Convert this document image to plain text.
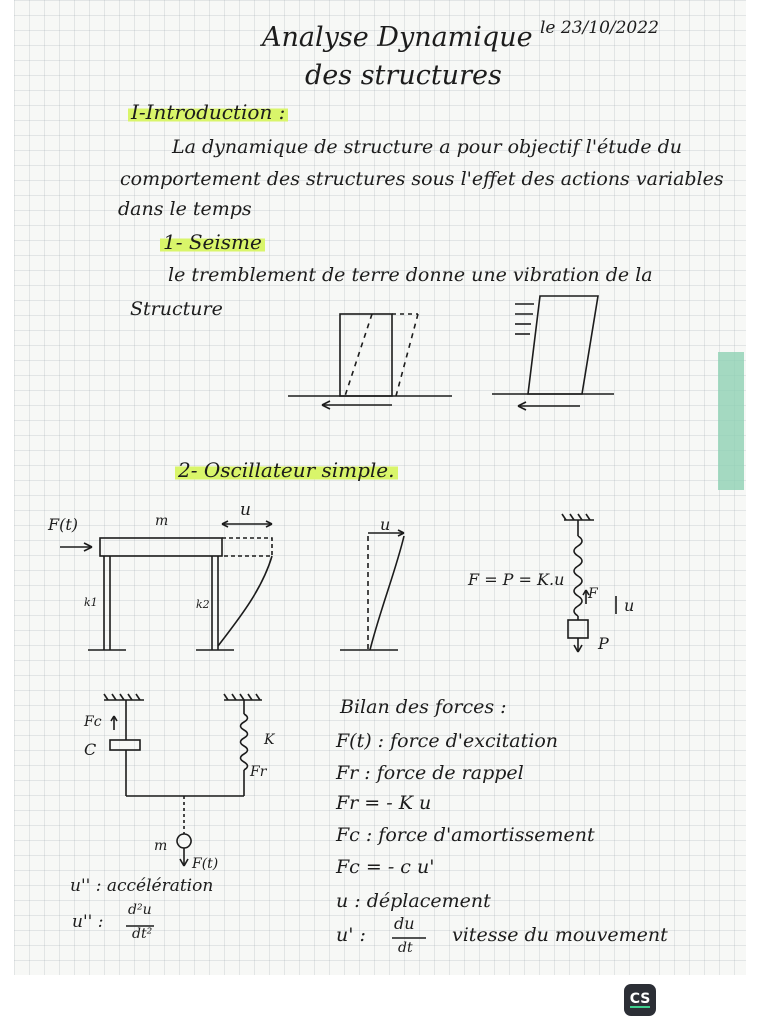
Analyse Dynamique
des structures
le 23/10/2022
I-Introduction :
La dynamique de structure a pour objectif l'étude du
comportement des structures sous l'effet des actions variables
dans le temps
1- Seisme
le tremblement de terre donne une vibration de la
Structure
2- Oscillateur simple.
F(t)	m
u
k1	k2
u
F = P = K.u
F
u
P
Fc
C	K
Fr
m
F(t)
u'' : accélération
u'' :
d²u
dt²
Bilan des forces :
F(t) : force d'excitation
Fr : force de rappel
Fr = - K u
Fc : force d'amortissement
Fc = - c u'
u : déplacement
u' :
du
dt
vitesse du mouvement
CS
